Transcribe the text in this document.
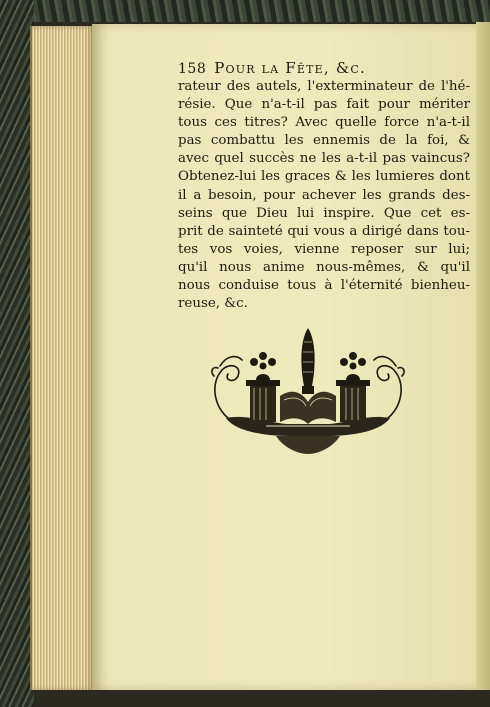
158 Pour la Fête, &c.
rateur des autels, l'exterminateur de l'hé-
résie. Que n'a-t-il pas fait pour mériter
tous ces titres? Avec quelle force n'a-t-il
pas combattu les ennemis de la foi, &
avec quel succès ne les a-t-il pas vaincus?
Obtenez-lui les graces & les lumieres dont
il a besoin, pour achever les grands des-
seins que Dieu lui inspire. Que cet es-
prit de sainteté qui vous a dirigé dans tou-
tes vos voies, vienne reposer sur lui;
qu'il nous anime nous-mêmes, & qu'il
nous conduise tous à l'éternité bienheu-
reuse, &c.
